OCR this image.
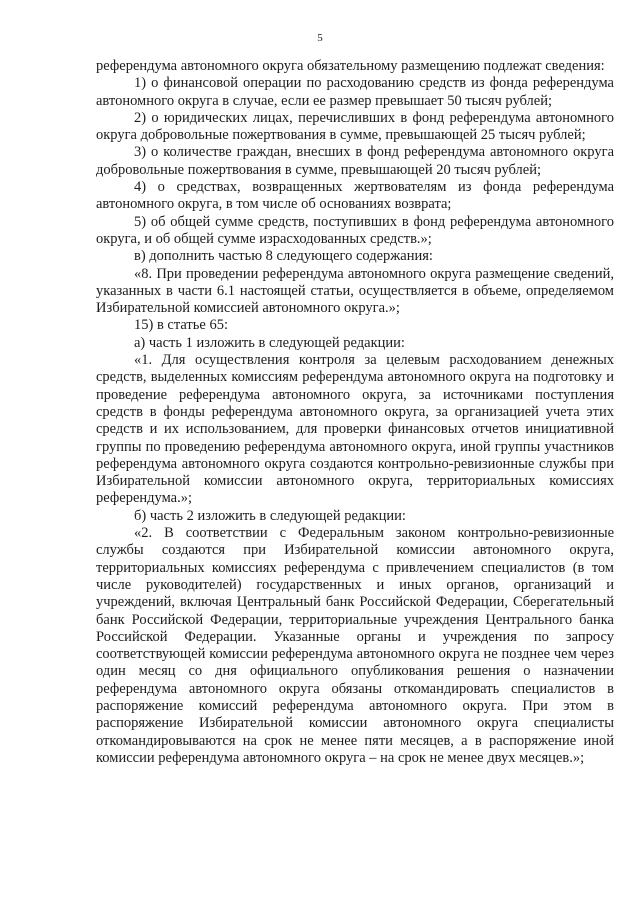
5

референдума автономного округа обязательному размещению подлежат сведения:

1) о финансовой операции по расходованию средств из фонда референдума автономного округа в случае, если ее размер превышает 50 тысяч рублей;

2) о юридических лицах, перечисливших в фонд референдума автономного округа добровольные пожертвования в сумме, превышающей 25 тысяч рублей;

3) о количестве граждан, внесших в фонд референдума автономного округа добровольные пожертвования в сумме, превышающей 20 тысяч рублей;

4) о средствах, возвращенных жертвователям из фонда референдума автономного округа, в том числе об основаниях возврата;

5) об общей сумме средств, поступивших в фонд референдума автономного округа, и об общей сумме израсходованных средств.»;

в) дополнить частью 8 следующего содержания:

«8. При проведении референдума автономного округа размещение сведений, указанных в части 6.1 настоящей статьи, осуществляется в объеме, определяемом Избирательной комиссией автономного округа.»;

15) в статье 65:

а) часть 1 изложить в следующей редакции:

«1. Для осуществления контроля за целевым расходованием денежных средств, выделенных комиссиям референдума автономного округа на подготовку и проведение референдума автономного округа, за источниками поступления средств в фонды референдума автономного округа, за организацией учета этих средств и их использованием, для проверки финансовых отчетов инициативной группы по проведению референдума автономного округа, иной группы участников референдума автономного округа создаются контрольно-ревизионные службы при Избирательной комиссии автономного округа, территориальных комиссиях референдума.»;

б) часть 2 изложить в следующей редакции:

«2. В соответствии с Федеральным законом контрольно-ревизионные службы создаются при Избирательной комиссии автономного округа, территориальных комиссиях референдума с привлечением специалистов (в том числе руководителей) государственных и иных органов, организаций и учреждений, включая Центральный банк Российской Федерации, Сберегательный банк Российской Федерации, территориальные учреждения Центрального банка Российской Федерации. Указанные органы и учреждения по запросу соответствующей комиссии референдума автономного округа не позднее чем через один месяц со дня официального опубликования решения о назначении референдума автономного округа обязаны откомандировать специалистов в распоряжение комиссий референдума автономного округа. При этом в распоряжение Избирательной комиссии автономного округа специалисты откомандировываются на срок не менее пяти месяцев, а в распоряжение иной комиссии референдума автономного округа – на срок не менее двух месяцев.»;
